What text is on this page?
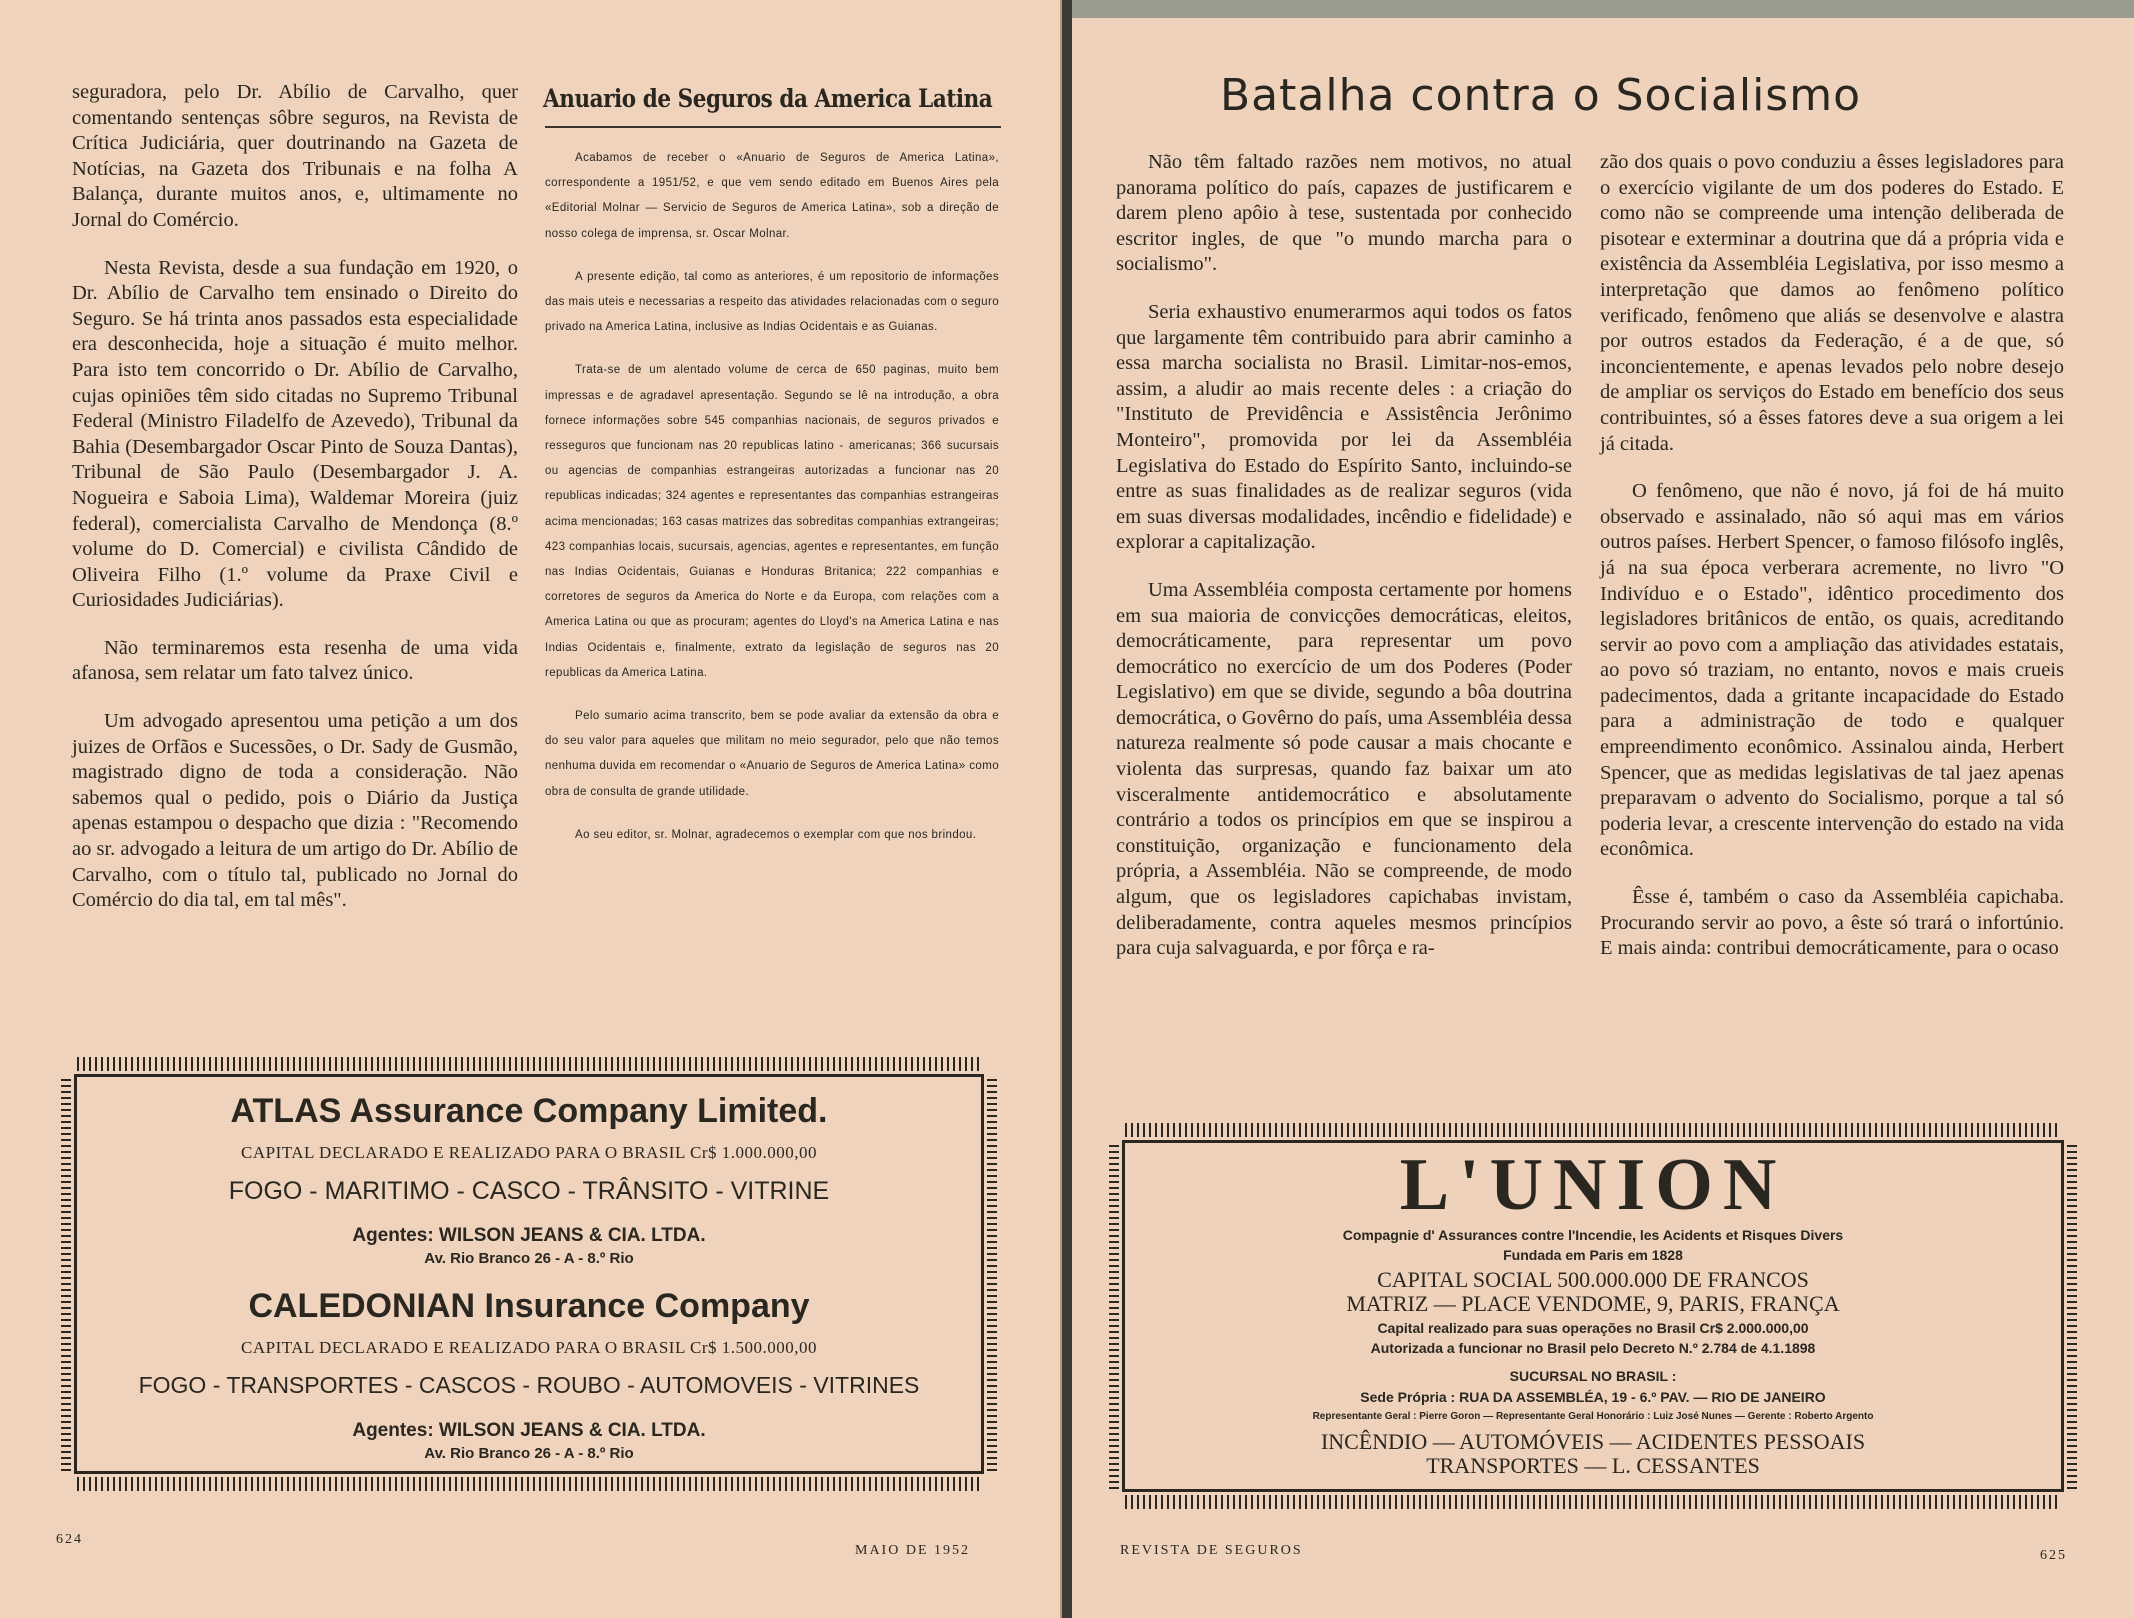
seguradora, pelo Dr. Abílio de Carvalho, quer comentando sentenças sôbre seguros, na Revista de Crítica Judiciária, quer doutrinando na Gazeta de Notícias, na Gazeta dos Tribunais e na folha A Balança, durante muitos anos, e, ultimamente no Jornal do Comércio.

Nesta Revista, desde a sua fundação em 1920, o Dr. Abílio de Carvalho tem ensinado o Direito do Seguro. Se há trinta anos passados esta especialidade era desconhecida, hoje a situação é muito melhor. Para isto tem concorrido o Dr. Abílio de Carvalho, cujas opiniões têm sido citadas no Supremo Tribunal Federal (Ministro Filadelfo de Azevedo), Tribunal da Bahia (Desembargador Oscar Pinto de Souza Dantas), Tribunal de São Paulo (Desembargador J. A. Nogueira e Saboia Lima), Waldemar Moreira (juiz federal), comercialista Carvalho de Mendonça (8.º volume do D. Comercial) e civilista Cândido de Oliveira Filho (1.º volume da Praxe Civil e Curiosidades Judiciárias).

Não terminaremos esta resenha de uma vida afanosa, sem relatar um fato talvez único.

Um advogado apresentou uma petição a um dos juizes de Orfãos e Sucessões, o Dr. Sady de Gusmão, magistrado digno de toda a consideração. Não sabemos qual o pedido, pois o Diário da Justiça apenas estampou o despacho que dizia : "Recomendo ao sr. advogado a leitura de um artigo do Dr. Abílio de Carvalho, com o título tal, publicado no Jornal do Comércio do dia tal, em tal mês".

Anuario de Seguros da America Latina

Acabamos de receber o «Anuario de Seguros de America Latina», correspondente a 1951/52, e que vem sendo editado em Buenos Aires pela «Editorial Molnar — Servicio de Seguros de America Latina», sob a direção de nosso colega de imprensa, sr. Oscar Molnar.

A presente edição, tal como as anteriores, é um repositorio de informações das mais uteis e necessarias a respeito das atividades relacionadas com o seguro privado na America Latina, inclusive as Indias Ocidentais e as Guianas.

Trata-se de um alentado volume de cerca de 650 paginas, muito bem impressas e de agradavel apresentação. Segundo se lê na introdução, a obra fornece informações sobre 545 companhias nacionais, de seguros privados e resseguros que funcionam nas 20 republicas latino - americanas; 366 sucursais ou agencias de companhias estrangeiras autorizadas a funcionar nas 20 republicas indicadas; 324 agentes e representantes das companhias estrangeiras acima mencionadas; 163 casas matrizes das sobreditas companhias extrangeiras; 423 companhias locais, sucursais, agencias, agentes e representantes, em função nas Indias Ocidentais, Guianas e Honduras Britanica; 222 companhias e corretores de seguros da America do Norte e da Europa, com relações com a America Latina ou que as procuram; agentes do Lloyd's na America Latina e nas Indias Ocidentais e, finalmente, extrato da legislação de seguros nas 20 republicas da America Latina.

Pelo sumario acima transcrito, bem se pode avaliar da extensão da obra e do seu valor para aqueles que militam no meio segurador, pelo que não temos nenhuma duvida em recomendar o «Anuario de Seguros de America Latina» como obra de consulta de grande utilidade.

Ao seu editor, sr. Molnar, agradecemos o exemplar com que nos brindou.

ATLAS Assurance Company Limited.
CAPITAL DECLARADO E REALIZADO PARA O BRASIL Cr$ 1.000.000,00
FOGO - MARITIMO - CASCO - TRÂNSITO - VITRINE
Agentes: WILSON JEANS & CIA. LTDA.
Av. Rio Branco 26 - A - 8.º Rio
CALEDONIAN Insurance Company
CAPITAL DECLARADO E REALIZADO PARA O BRASIL Cr$ 1.500.000,00
FOGO - TRANSPORTES - CASCOS - ROUBO - AUTOMOVEIS - VITRINES
Agentes: WILSON JEANS & CIA. LTDA.
Av. Rio Branco 26 - A - 8.º Rio
624
MAIO DE 1952
Batalha contra o Socialismo

Não têm faltado razões nem motivos, no atual panorama político do país, capazes de justificarem e darem pleno apôio à tese, sustentada por conhecido escritor ingles, de que "o mundo marcha para o socialismo".

Seria exhaustivo enumerarmos aqui todos os fatos que largamente têm contribuido para abrir caminho a essa marcha socialista no Brasil. Limitar-nos-emos, assim, a aludir ao mais recente deles : a criação do "Instituto de Previdência e Assistência Jerônimo Monteiro", promovida por lei da Assembléia Legislativa do Estado do Espírito Santo, incluindo-se entre as suas finalidades as de realizar seguros (vida em suas diversas modalidades, incêndio e fidelidade) e explorar a capitalização.

Uma Assembléia composta certamente por homens em sua maioria de convicções democráticas, eleitos, democráticamente, para representar um povo democrático no exercício de um dos Poderes (Poder Legislativo) em que se divide, segundo a bôa doutrina democrática, o Govêrno do país, uma Assembléia dessa natureza realmente só pode causar a mais chocante e violenta das surpresas, quando faz baixar um ato visceralmente antidemocrático e absolutamente contrário a todos os princípios em que se inspirou a constituição, organização e funcionamento dela própria, a Assembléia. Não se compreende, de modo algum, que os legisladores capichabas invistam, deliberadamente, contra aqueles mesmos princípios para cuja salvaguarda, e por fôrça e ra-

zão dos quais o povo conduziu a êsses legisladores para o exercício vigilante de um dos poderes do Estado. E como não se compreende uma intenção deliberada de pisotear e exterminar a doutrina que dá a própria vida e existência da Assembléia Legislativa, por isso mesmo a interpretação que damos ao fenômeno político verificado, fenômeno que aliás se desenvolve e alastra por outros estados da Federação, é a de que, só inconcientemente, e apenas levados pelo nobre desejo de ampliar os serviços do Estado em benefício dos seus contribuintes, só a êsses fatores deve a sua origem a lei já citada.

O fenômeno, que não é novo, já foi de há muito observado e assinalado, não só aqui mas em vários outros países. Herbert Spencer, o famoso filósofo inglês, já na sua época verberara acremente, no livro "O Indivíduo e o Estado", idêntico procedimento dos legisladores britânicos de então, os quais, acreditando servir ao povo com a ampliação das atividades estatais, ao povo só traziam, no entanto, novos e mais crueis padecimentos, dada a gritante incapacidade do Estado para a administração de todo e qualquer empreendimento econômico. Assinalou ainda, Herbert Spencer, que as medidas legislativas de tal jaez apenas preparavam o advento do Socialismo, porque a tal só poderia levar, a crescente intervenção do estado na vida econômica.

Êsse é, também o caso da Assembléia capichaba. Procurando servir ao povo, a êste só trará o infortúnio. E mais ainda: contribui democráticamente, para o ocaso

L'UNION
Compagnie d' Assurances contre l'Incendie, les Acidents et Risques Divers
Fundada em Paris em 1828
CAPITAL SOCIAL 500.000.000 DE FRANCOS
MATRIZ — PLACE VENDOME, 9, PARIS, FRANÇA
Capital realizado para suas operações no Brasil Cr$ 2.000.000,00
Autorizada a funcionar no Brasil pelo Decreto N.º 2.784 de 4.1.1898
SUCURSAL NO BRASIL :
Sede Própria : RUA DA ASSEMBLÉA, 19 - 6.º PAV. — RIO DE JANEIRO
Representante Geral : Pierre Goron — Representante Geral Honorário : Luiz José Nunes — Gerente : Roberto Argento
INCÊNDIO — AUTOMÓVEIS — ACIDENTES PESSOAIS
TRANSPORTES — L. CESSANTES
REVISTA DE SEGUROS	625
